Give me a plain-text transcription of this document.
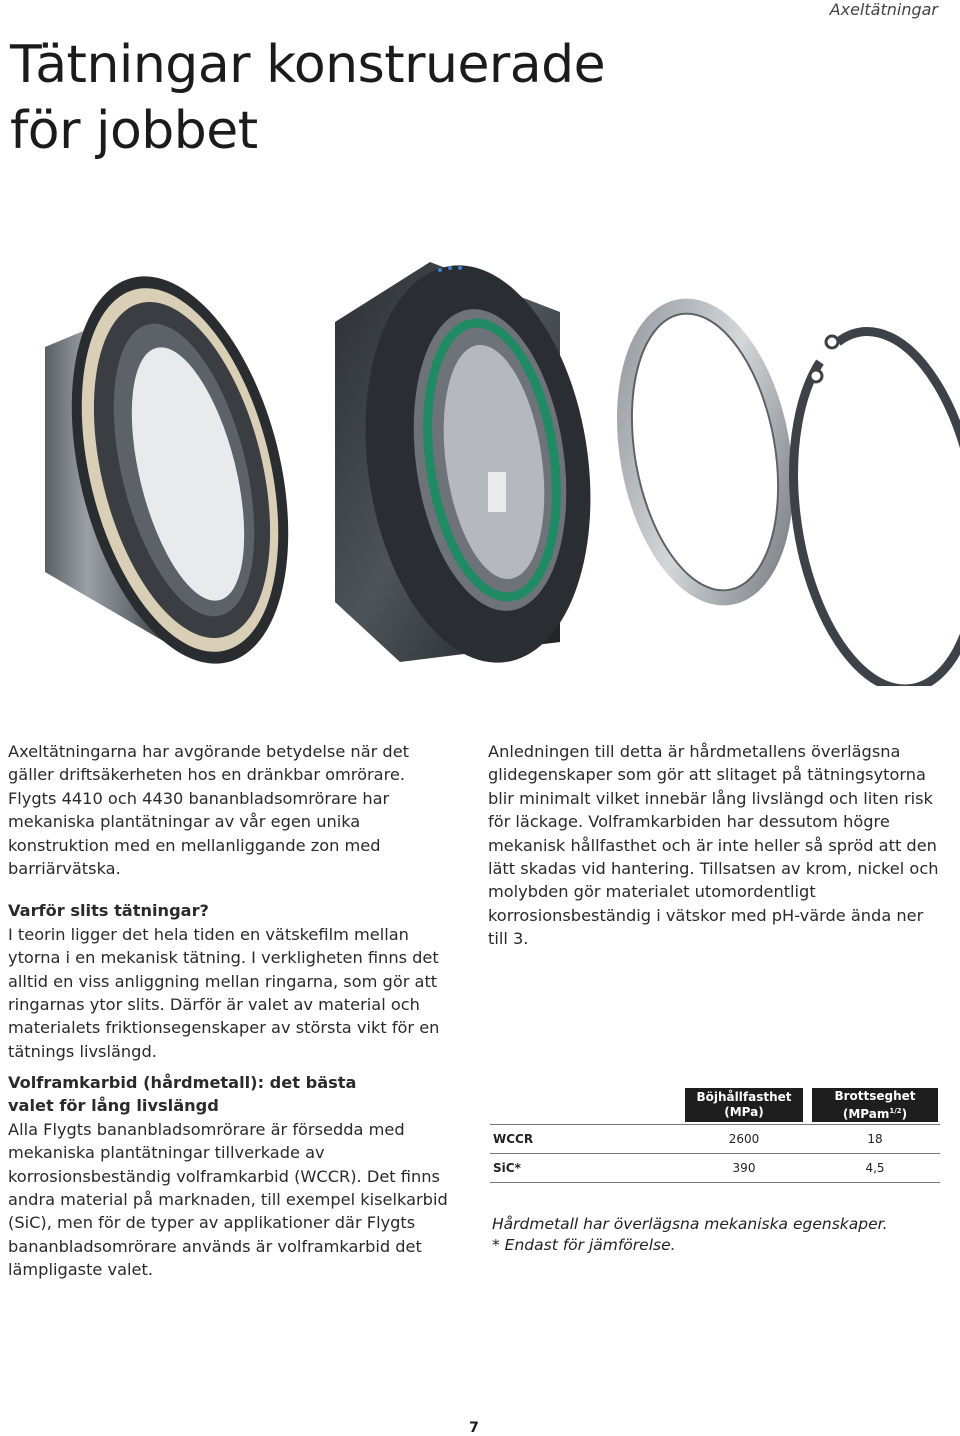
Axeltätningar
Tätningar konstruerade
för jobbet

Axeltätningarna har avgörande betydelse när det gäller driftsäkerheten hos en dränkbar omrörare. Flygts 4410 och 4430 bananbladsomrörare har mekaniska plantätningar av vår egen unika konstruktion med en mellanliggande zon med barriärvätska.

Varför slits tätningar?

I teorin ligger det hela tiden en vätskefilm mellan ytorna i en mekanisk tätning. I verkligheten finns det alltid en viss anliggning mellan ringarna, som gör att ringarnas ytor slits. Därför är valet av material och materialets friktionsegenskaper av största vikt för en tätnings livslängd.

Anledningen till detta är hårdmetallens överlägsna glidegenskaper som gör att slitaget på tätningsytorna blir minimalt vilket innebär lång livslängd och liten risk för läckage. Volframkarbiden har dessutom högre mekanisk hållfasthet och är inte heller så spröd att den lätt skadas vid hantering. Tillsatsen av krom, nickel och molybden gör materialet utomordentligt korrosionsbeständig i vätskor med pH-värde ända ner till 3.

Volframkarbid (hårdmetall): det bästa
valet för lång livslängd

Alla Flygts bananbladsomrörare är försedda med mekaniska plantätningar tillverkade av korrosionsbeständig volframkarbid (WCCR). Det finns andra material på marknaden, till exempel kiselkarbid (SiC), men för de typer av applikationer där Flygts bananbladsomrörare används är volframkarbid det lämpligaste valet.

Böjhållfasthet
(MPa)
Brottseghet
(MPam$^{1/2}$)
WCCR	2600	18
SiC*	390	4,5

Hårdmetall har överlägsna mekaniska egenskaper.

* Endast för jämförelse.

7
